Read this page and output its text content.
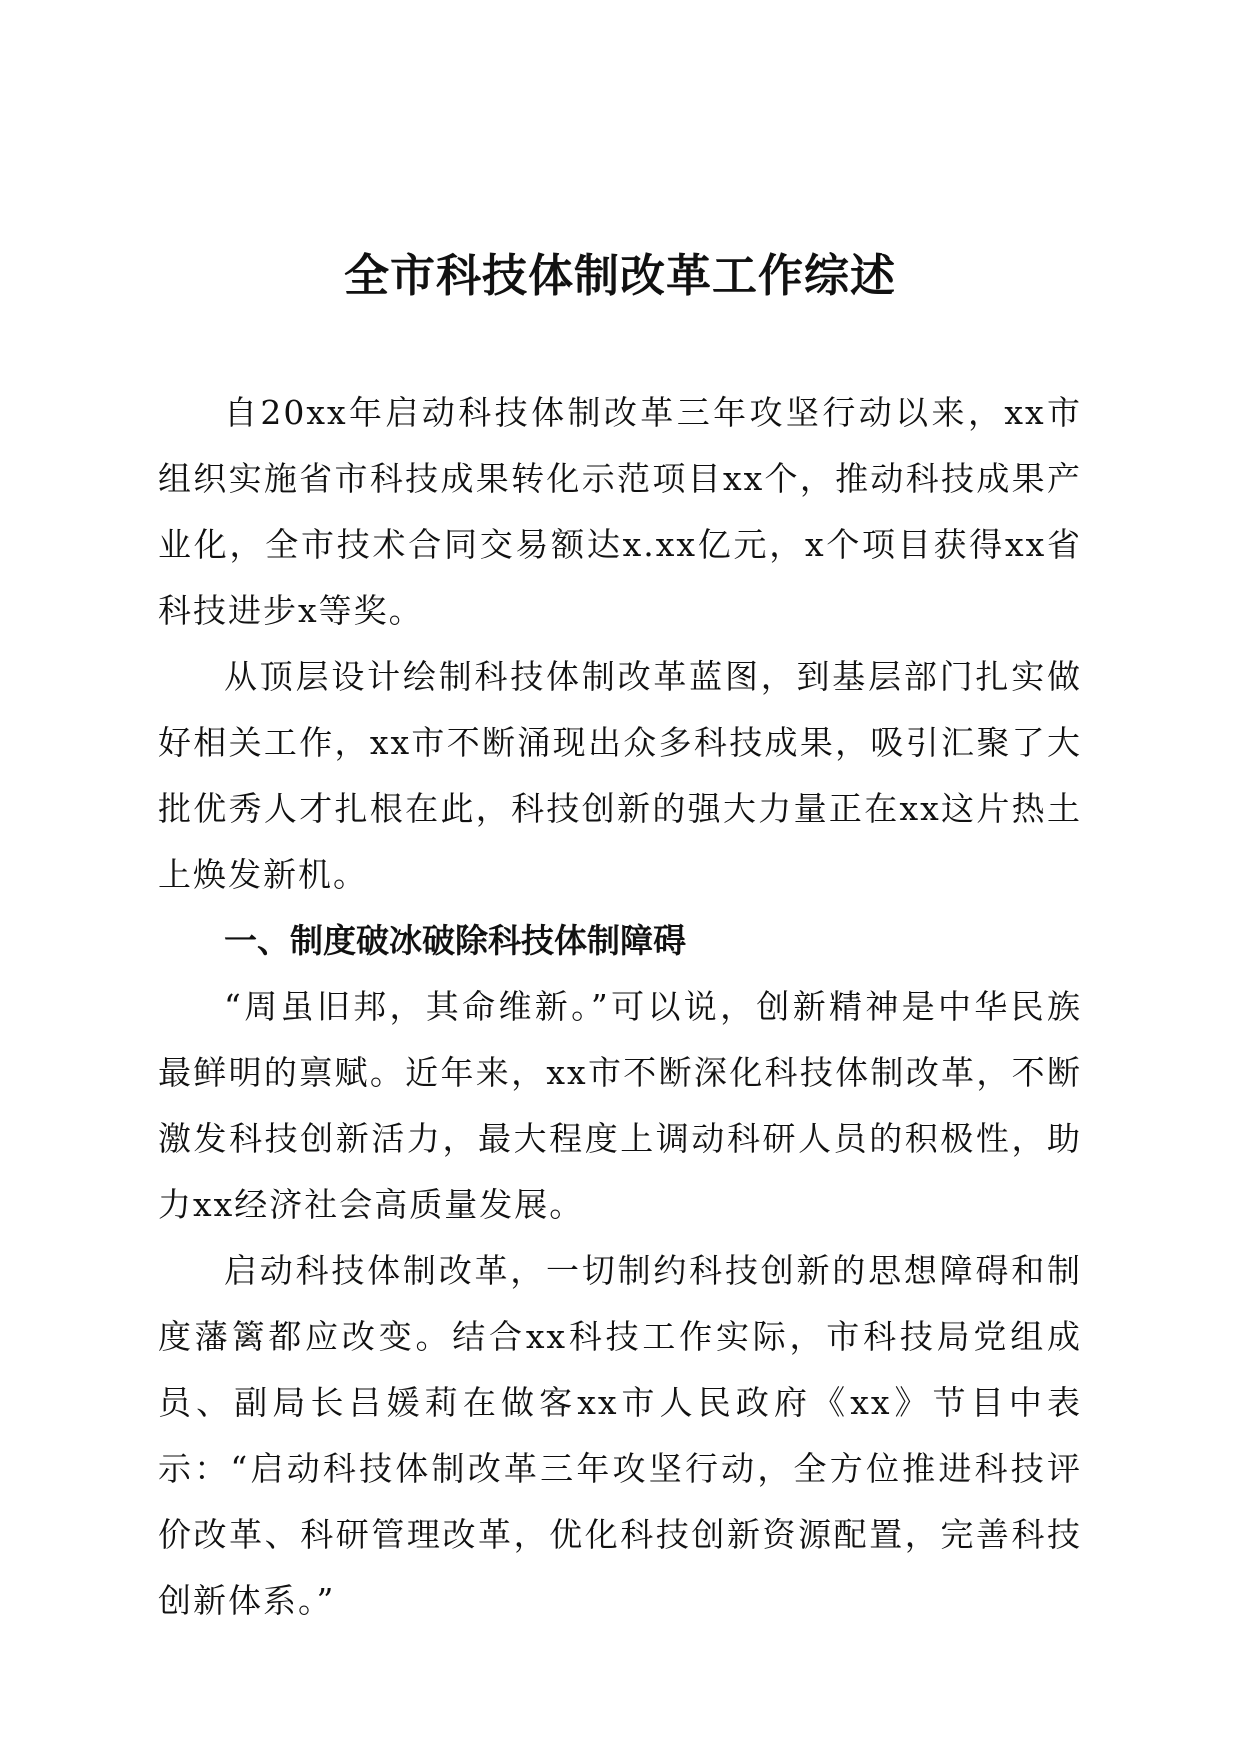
全市科技体制改革工作综述

自20xx年启动科技体制改革三年攻坚行动以来，xx市组织实施省市科技成果转化示范项目xx个，推动科技成果产业化，全市技术合同交易额达x.xx亿元，x个项目获得xx省科技进步x等奖。

从顶层设计绘制科技体制改革蓝图，到基层部门扎实做好相关工作，xx市不断涌现出众多科技成果，吸引汇聚了大批优秀人才扎根在此，科技创新的强大力量正在xx这片热土上焕发新机。

一、制度破冰破除科技体制障碍

“周虽旧邦，其命维新。”可以说，创新精神是中华民族最鲜明的禀赋。近年来，xx市不断深化科技体制改革，不断激发科技创新活力，最大程度上调动科研人员的积极性，助力xx经济社会高质量发展。

启动科技体制改革，一切制约科技创新的思想障碍和制度藩篱都应改变。结合xx科技工作实际，市科技局党组成员、副局长吕媛莉在做客xx市人民政府《xx》节目中表示：“启动科技体制改革三年攻坚行动，全方位推进科技评价改革、科研管理改革，优化科技创新资源配置，完善科技创新体系。”
